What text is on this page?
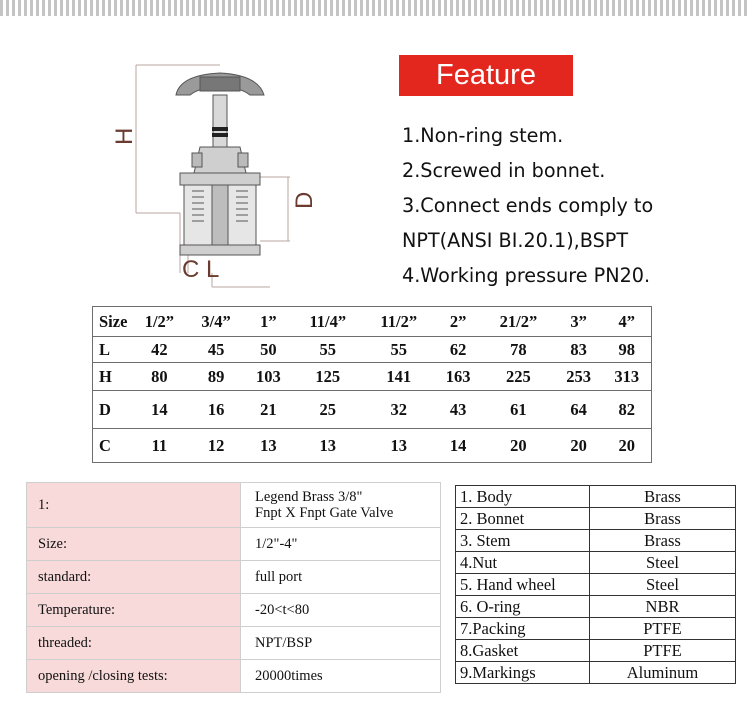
H
D
C L
Feature
1.Non-ring stem.
2.Screwed in bonnet.
3.Connect ends comply to
NPT(ANSI BI.20.1),BSPT
4.Working pressure PN20.
Size	1/2”	3/4”	1”	11/4”	11/2”	2”	21/2”	3”	4”
L	42	45	50	55	55	62	78	83	98
H	80	89	103	125	141	163	225	253	313
D	14	16	21	25	32	43	61	64	82
C	11	12	13	13	13	14	20	20	20
1:	Legend Brass 3/8"
Fnpt X Fnpt Gate Valve
Size:	1/2"-4"
standard:	full port
Temperature:	-20<t<80
threaded:	NPT/BSP
opening /closing tests:	20000times
1. Body	Brass
2. Bonnet	Brass
3. Stem	Brass
4.Nut	Steel
5. Hand wheel	Steel
6. O-ring	NBR
7.Packing	PTFE
8.Gasket	PTFE
9.Markings	Aluminum
